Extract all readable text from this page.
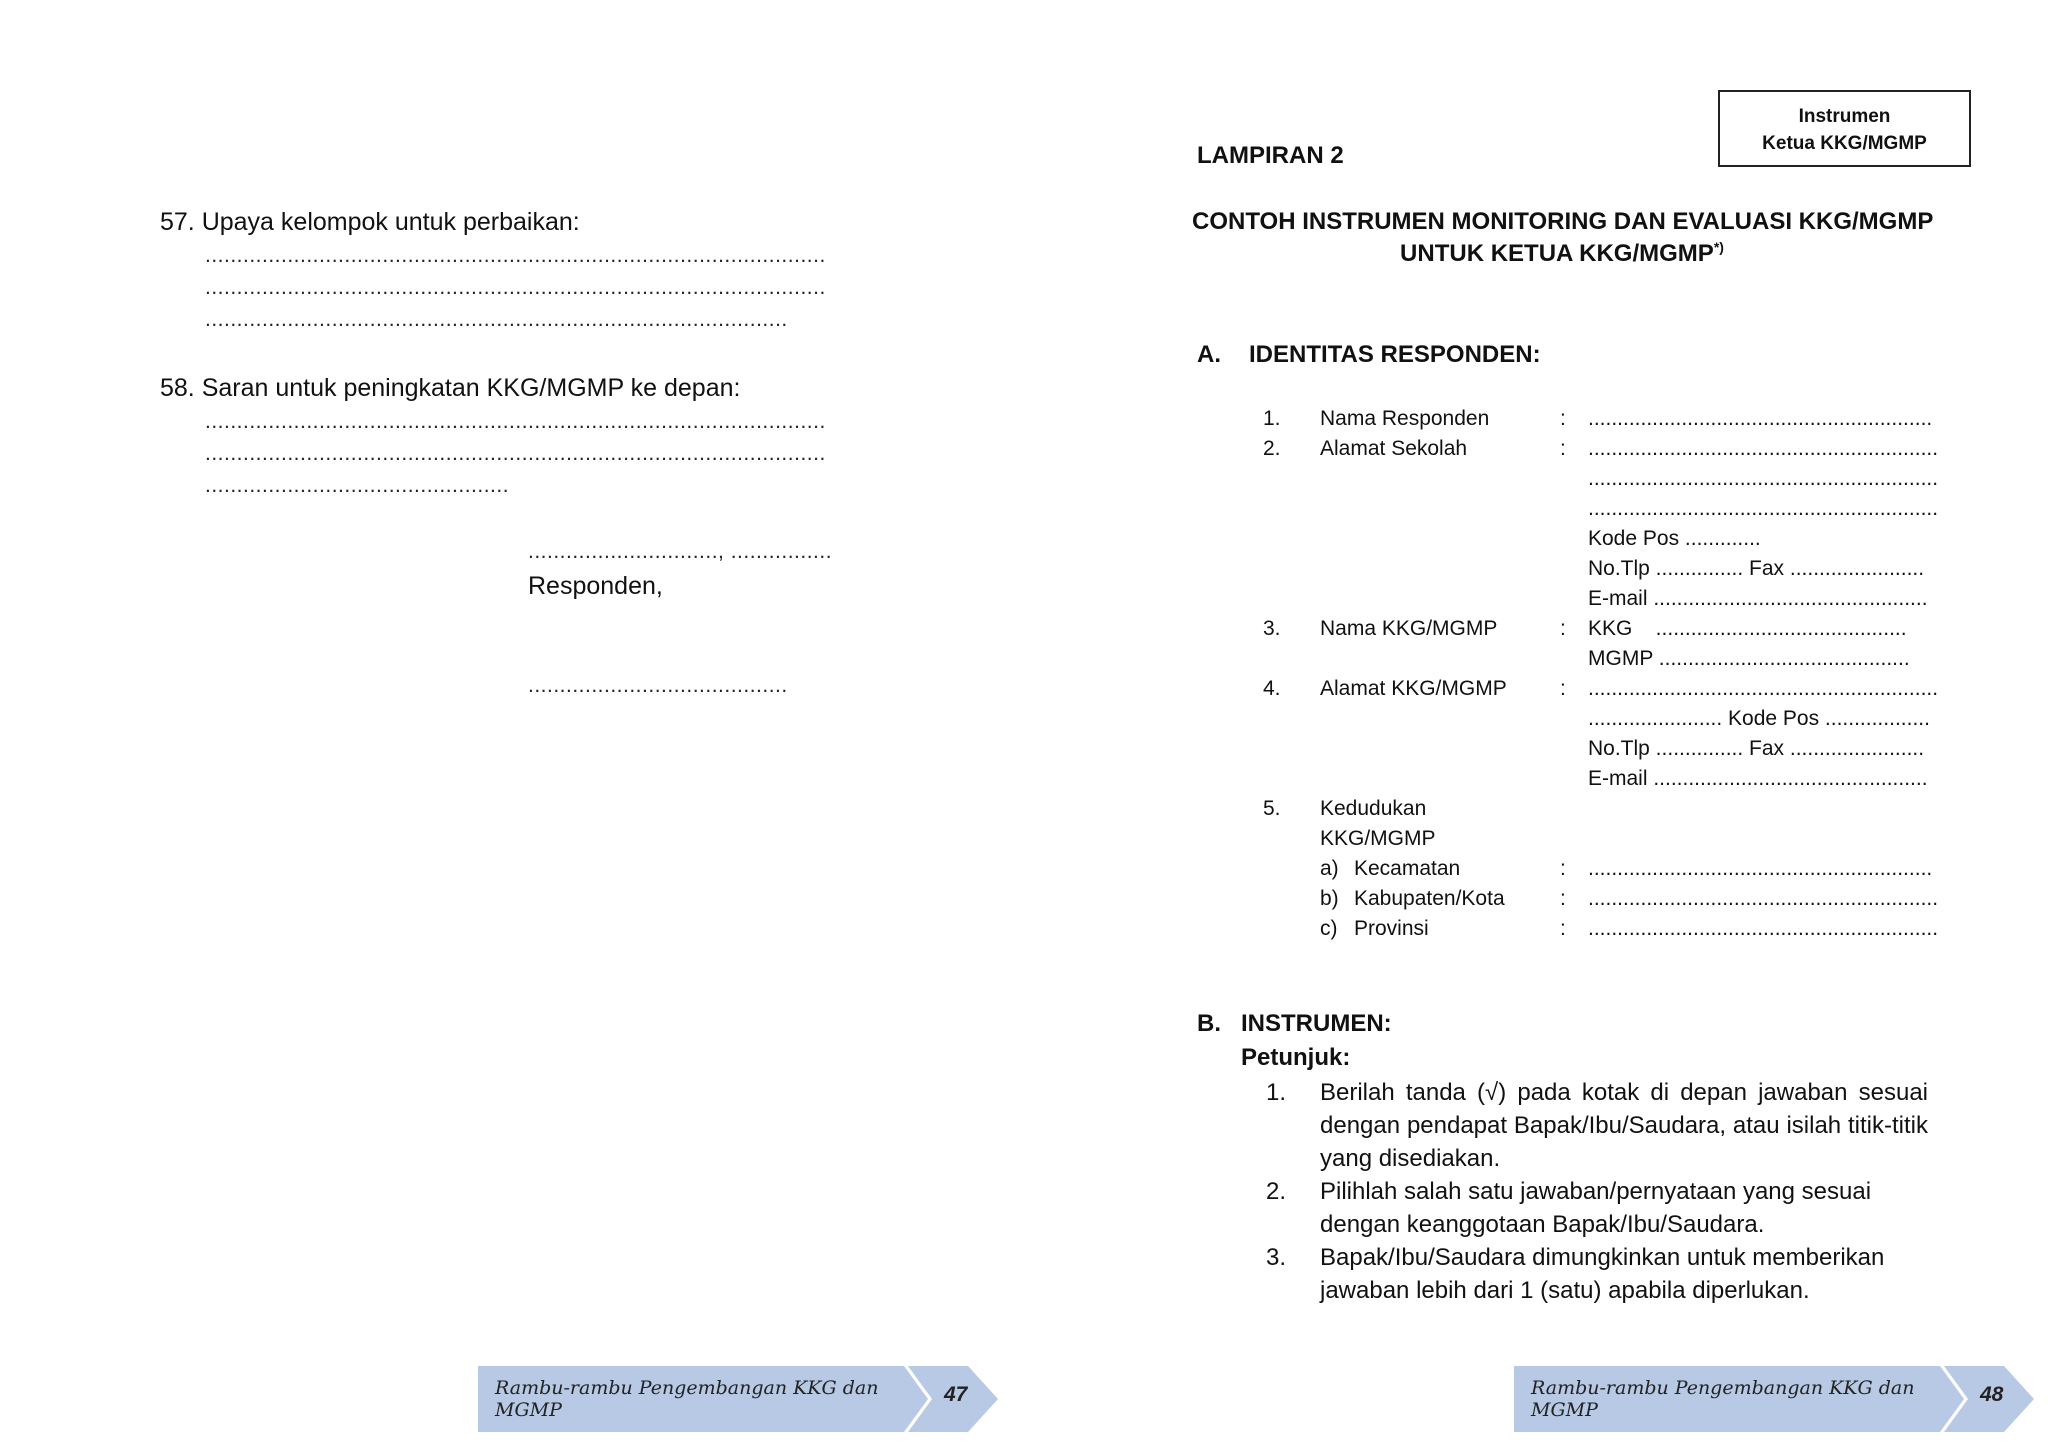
57. Upaya kelompok untuk perbaikan:
..................................................................................................
..................................................................................................
............................................................................................
58. Saran untuk peningkatan KKG/MGMP ke depan:
..................................................................................................
..................................................................................................
................................................
.............................., ................
Responden,
.........................................
Rambu-rambu Pengembangan KKG dan MGMP
47
Instrumen
Ketua KKG/MGMP
LAMPIRAN 2
CONTOH INSTRUMEN MONITORING DAN EVALUASI KKG/MGMP
UNTUK KETUA KKG/MGMP*)
A. IDENTITAS RESPONDEN:
1. Nama Responden	: ...........................................................
2. Alamat Sekolah	: ............................................................
............................................................
............................................................
Kode Pos .............
No.Tlp ............... Fax .......................
E-mail ...............................................
3. Nama KKG/MGMP	: KKG    ...........................................
MGMP ...........................................
4. Alamat KKG/MGMP	: ............................................................
....................... Kode Pos ..................
No.Tlp ............... Fax .......................
E-mail ...............................................
5. Kedudukan
KKG/MGMP
a) Kecamatan	: ...........................................................
b) Kabupaten/Kota	: ............................................................
c) Provinsi	: ............................................................
B. INSTRUMEN:
Petunjuk:
1. Berilah tanda (√) pada kotak di depan jawaban sesuai dengan pendapat Bapak/Ibu/Saudara, atau isilah titik-titik yang disediakan.
2. Pilihlah salah satu jawaban/pernyataan yang sesuai dengan keanggotaan Bapak/Ibu/Saudara.
3. Bapak/Ibu/Saudara dimungkinkan untuk memberikan jawaban lebih dari 1 (satu) apabila diperlukan.
Rambu-rambu Pengembangan KKG dan MGMP
48
